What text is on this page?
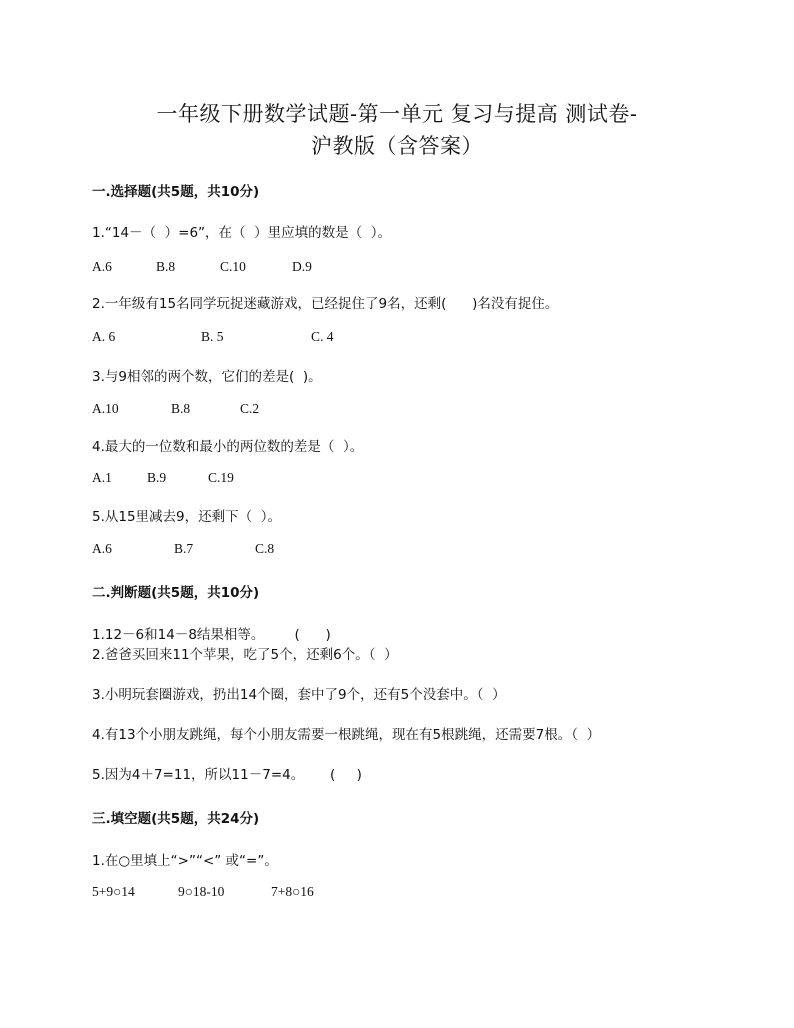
一年级下册数学试题-第一单元 复习与提高 测试卷-
沪教版（含答案）
一.选择题(共5题，共10分)
1.“14－（  ）=6”，在（  ）里应填的数是（  ）。
A.6	B.8	C.10	D.9
2.一年级有15名同学玩捉迷藏游戏，已经捉住了9名，还剩(      )名没有捉住。
A. 6	B. 5	C. 4
3.与9相邻的两个数，它们的差是(  )。
A.10	B.8	C.2
4.最大的一位数和最小的两位数的差是（  ）。
A.1	B.9	C.19
5.从15里减去9，还剩下（  ）。
A.6	B.7	C.8
二.判断题(共5题，共10分)
1.12－6和14－8结果相等。       (      )
2.爸爸买回来11个苹果，吃了5个，还剩6个。（  ）
3.小明玩套圈游戏，扔出14个圈，套中了9个，还有5个没套中。（  ）
4.有13个小朋友跳绳，每个小朋友需要一根跳绳，现在有5根跳绳，还需要7根。（  ）
5.因为4＋7=11，所以11－7=4。      (     )
三.填空题(共5题，共24分)
1.在○里填上“>”“<” 或“=”。
5+9○14	9○18-10	7+8○16
